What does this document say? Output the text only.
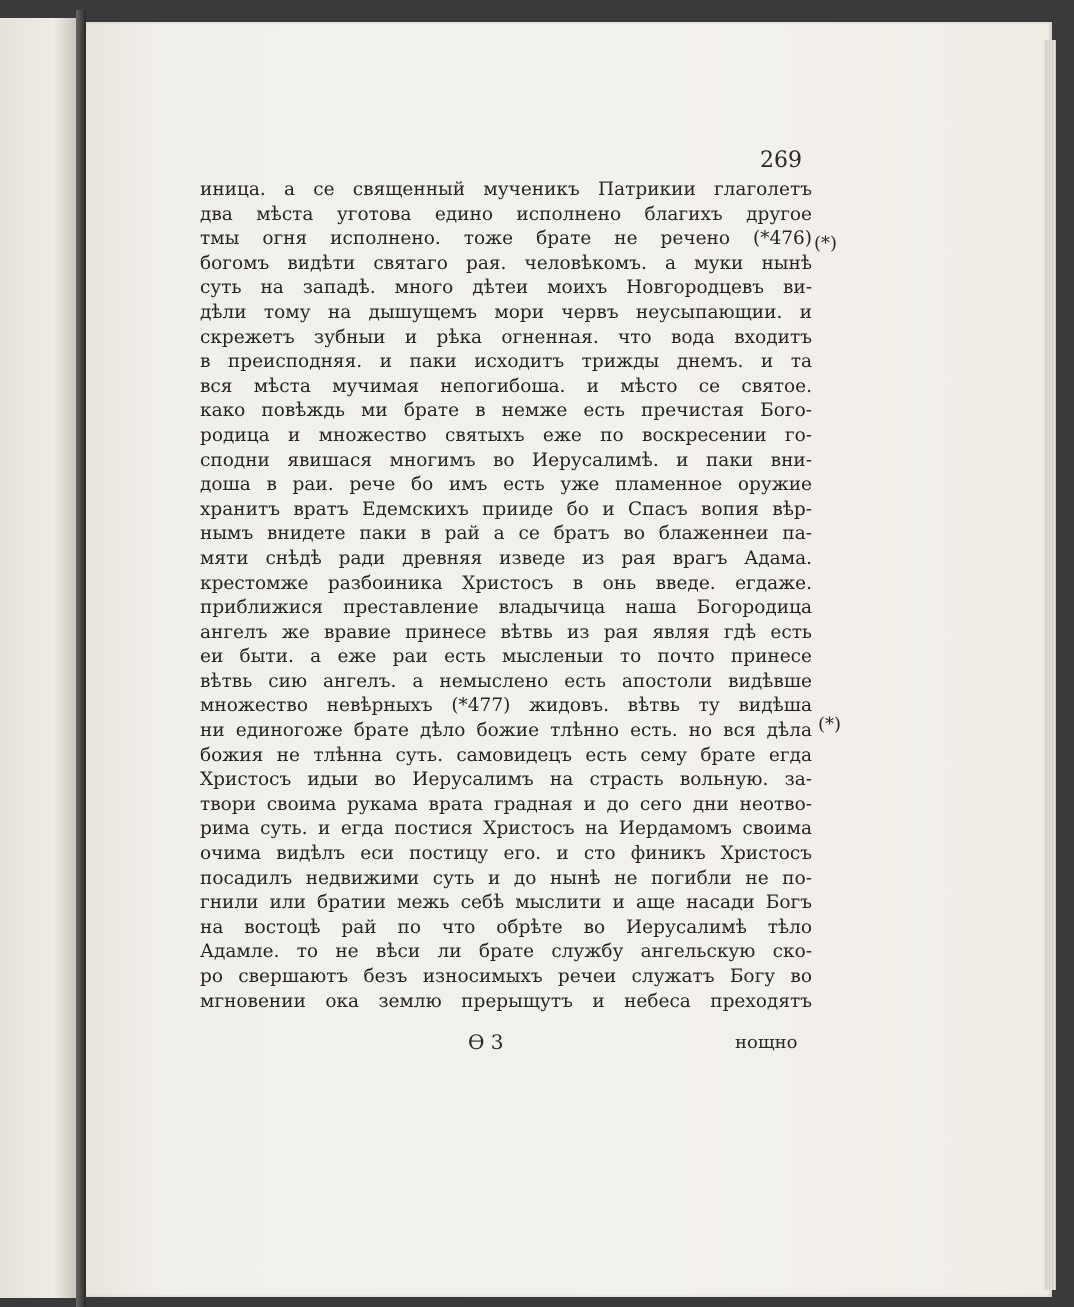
269
иница. а се священный мученикъ Патрикии глаголетъ
два мѣста уготова едино исполнено благихъ другое
тмы огня исполнено. тоже брате не речено (*476)
богомъ видѣти святаго рая. человѣкомъ. а муки нынѣ
суть на западѣ. много дѣтеи моихъ Новгородцевъ ви-
дѣли тому на дышущемъ мори червъ неусыпающии. и
скрежетъ зубныи и рѣка огненная. что вода входитъ
в преисподняя. и паки исходитъ трижды днемъ. и та
вся мѣста мучимая непогибоша. и мѣсто се святое.
како повѣждь ми брате в немже есть пречистая Бого-
родица и множество святыхъ еже по воскресении го-
сподни явишася многимъ во Иерусалимѣ. и паки вни-
доша в раи. рече бо имъ есть уже пламенное оружие
хранитъ вратъ Едемскихъ прииде бо и Спасъ вопия вѣр-
нымъ внидете паки в рай а се братъ во блаженнеи па-
мяти снѣдѣ ради древняя изведе из рая врагъ Адама.
крестомже разбоиника Христосъ в онь введе. егдаже.
приближися преставление владычица наша Богородица
ангелъ же вравие принесе вѣтвь из рая являя гдѣ есть
еи быти. а еже раи есть мысленыи то почто принесе
вѣтвь сию ангелъ. а немыслено есть апостоли видѣвше
множество невѣрныхъ (*477) жидовъ. вѣтвь ту видѣша
ни единогоже брате дѣло божие тлѣнно есть. но вся дѣла
божия не тлѣнна суть. самовидецъ есть сему брате егда
Христосъ идыи во Иерусалимъ на страсть вольную. за-
твори своима рукама врата градная и до сего дни неотво-
рима суть. и егда постися Христосъ на Иердамомъ своима
очима видѣлъ еси постицу его. и сто финикъ Христосъ
посадилъ недвижими суть и до нынѣ не погибли не по-
гнили или братии межь себѣ мыслити и аще насади Богъ
на востоцѣ рай по что обрѣте во Иерусалимѣ тѣло
Адамле. то не вѣси ли брате службу ангельскую ско-
ро свершаютъ безъ износимыхъ речеи служатъ Богу во
мгновении ока землю прерыщутъ и небеса преходятъ
(*)
(*)
Ѳ 3	нощно
